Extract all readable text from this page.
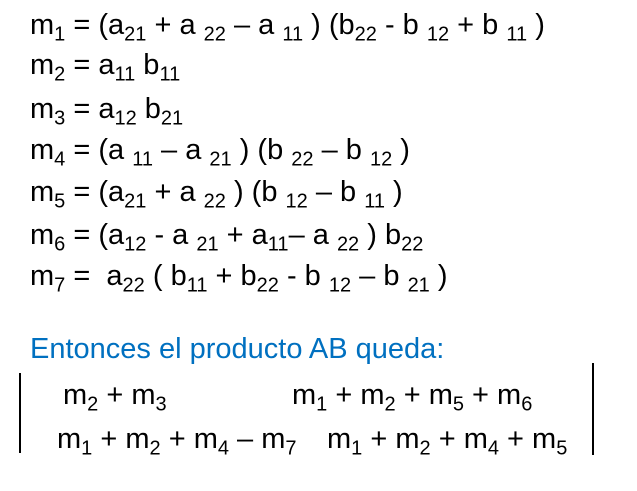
$m_1 = (a_{21} + a$ $_{22}$ – a $_{11}$ ) ($b_{22}$ - b $_{12}$ + b $_{11}$ )
$m_2 = a_{11}$ $b_{11}$
$m_3 = a_{12}$ $b_{21}$
$m_4 = (a$ $_{11}$ – a $_{21}$ ) (b $_{22}$ – b $_{12}$ )
$m_5 = (a_{21} + a$ $_{22}$ ) (b $_{12}$ – b $_{11}$ )
$m_6 = (a_{12} - a$ $_{21} + a_{11}-$ a $_{22}$ ) $b_{22}$
$m_7 = a_{22}$ ( $b_{11} + b_{22} - b$ $_{12}$ – b $_{21}$ )
Entonces el producto AB queda:
$m_2 + m_3$	$m_1 + m_2 + m_5 + m_6$
$m_1 + m_2 + m_4 - m_7$ $m_1 + m_2 + m_4 + m_5$
